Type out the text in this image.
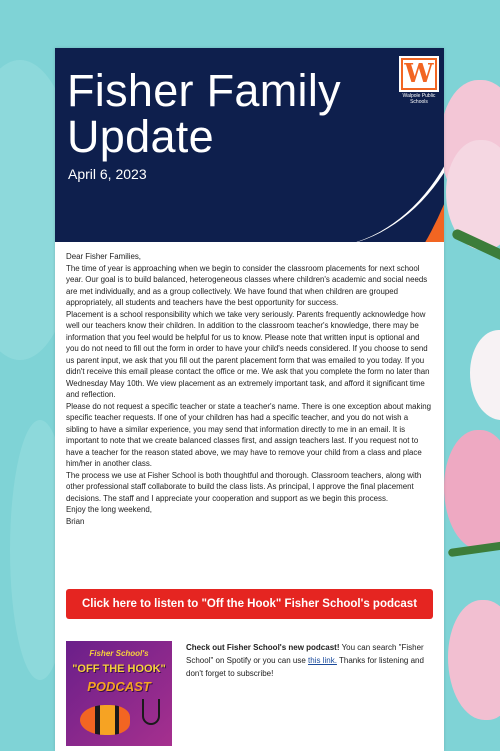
Fisher Family Update
April 6, 2023
W
Walpole Public Schools

Dear Fisher Families,

The time of year is approaching when we begin to consider the classroom placements for next school year. Our goal is to build balanced, heterogeneous classes where children's academic and social needs are met individually, and as a group collectively. We have found that when children are grouped appropriately, all students and teachers have the best opportunity for success.

Placement is a school responsibility which we take very seriously. Parents frequently acknowledge how well our teachers know their children. In addition to the classroom teacher's knowledge, there may be information that you feel would be helpful for us to know. Please note that written input is optional and you do not need to fill out the form in order to have your child's needs considered. If you choose to send us parent input, we ask that you fill out the parent placement form that was emailed to you today. If you didn't receive this email please contact the office or me. We ask that you complete the form no later than Wednesday May 10th. We view placement as an extremely important task, and afford it significant time and reflection.

Please do not request a specific teacher or state a teacher's name. There is one exception about making specific teacher requests. If one of your children has had a specific teacher, and you do not wish a sibling to have a similar experience, you may send that information directly to me in an email. It is important to note that we create balanced classes first, and assign teachers last. If you request not to have a teacher for the reason stated above, we may have to remove your child from a class and place him/her in another class.

The process we use at Fisher School is both thoughtful and thorough. Classroom teachers, along with other professional staff collaborate to build the class lists. As principal, I approve the final placement decisions. The staff and I appreciate your cooperation and support as we begin this process.

Enjoy the long weekend,

Brian

Click here to listen to "Off the Hook" Fisher School's podcast
Fisher School's
"OFF THE HOOK"
PODCAST
Check out Fisher School's new podcast! You can search "Fisher School" on Spotify or you can use this link. Thanks for listening and don't forget to subscribe!
